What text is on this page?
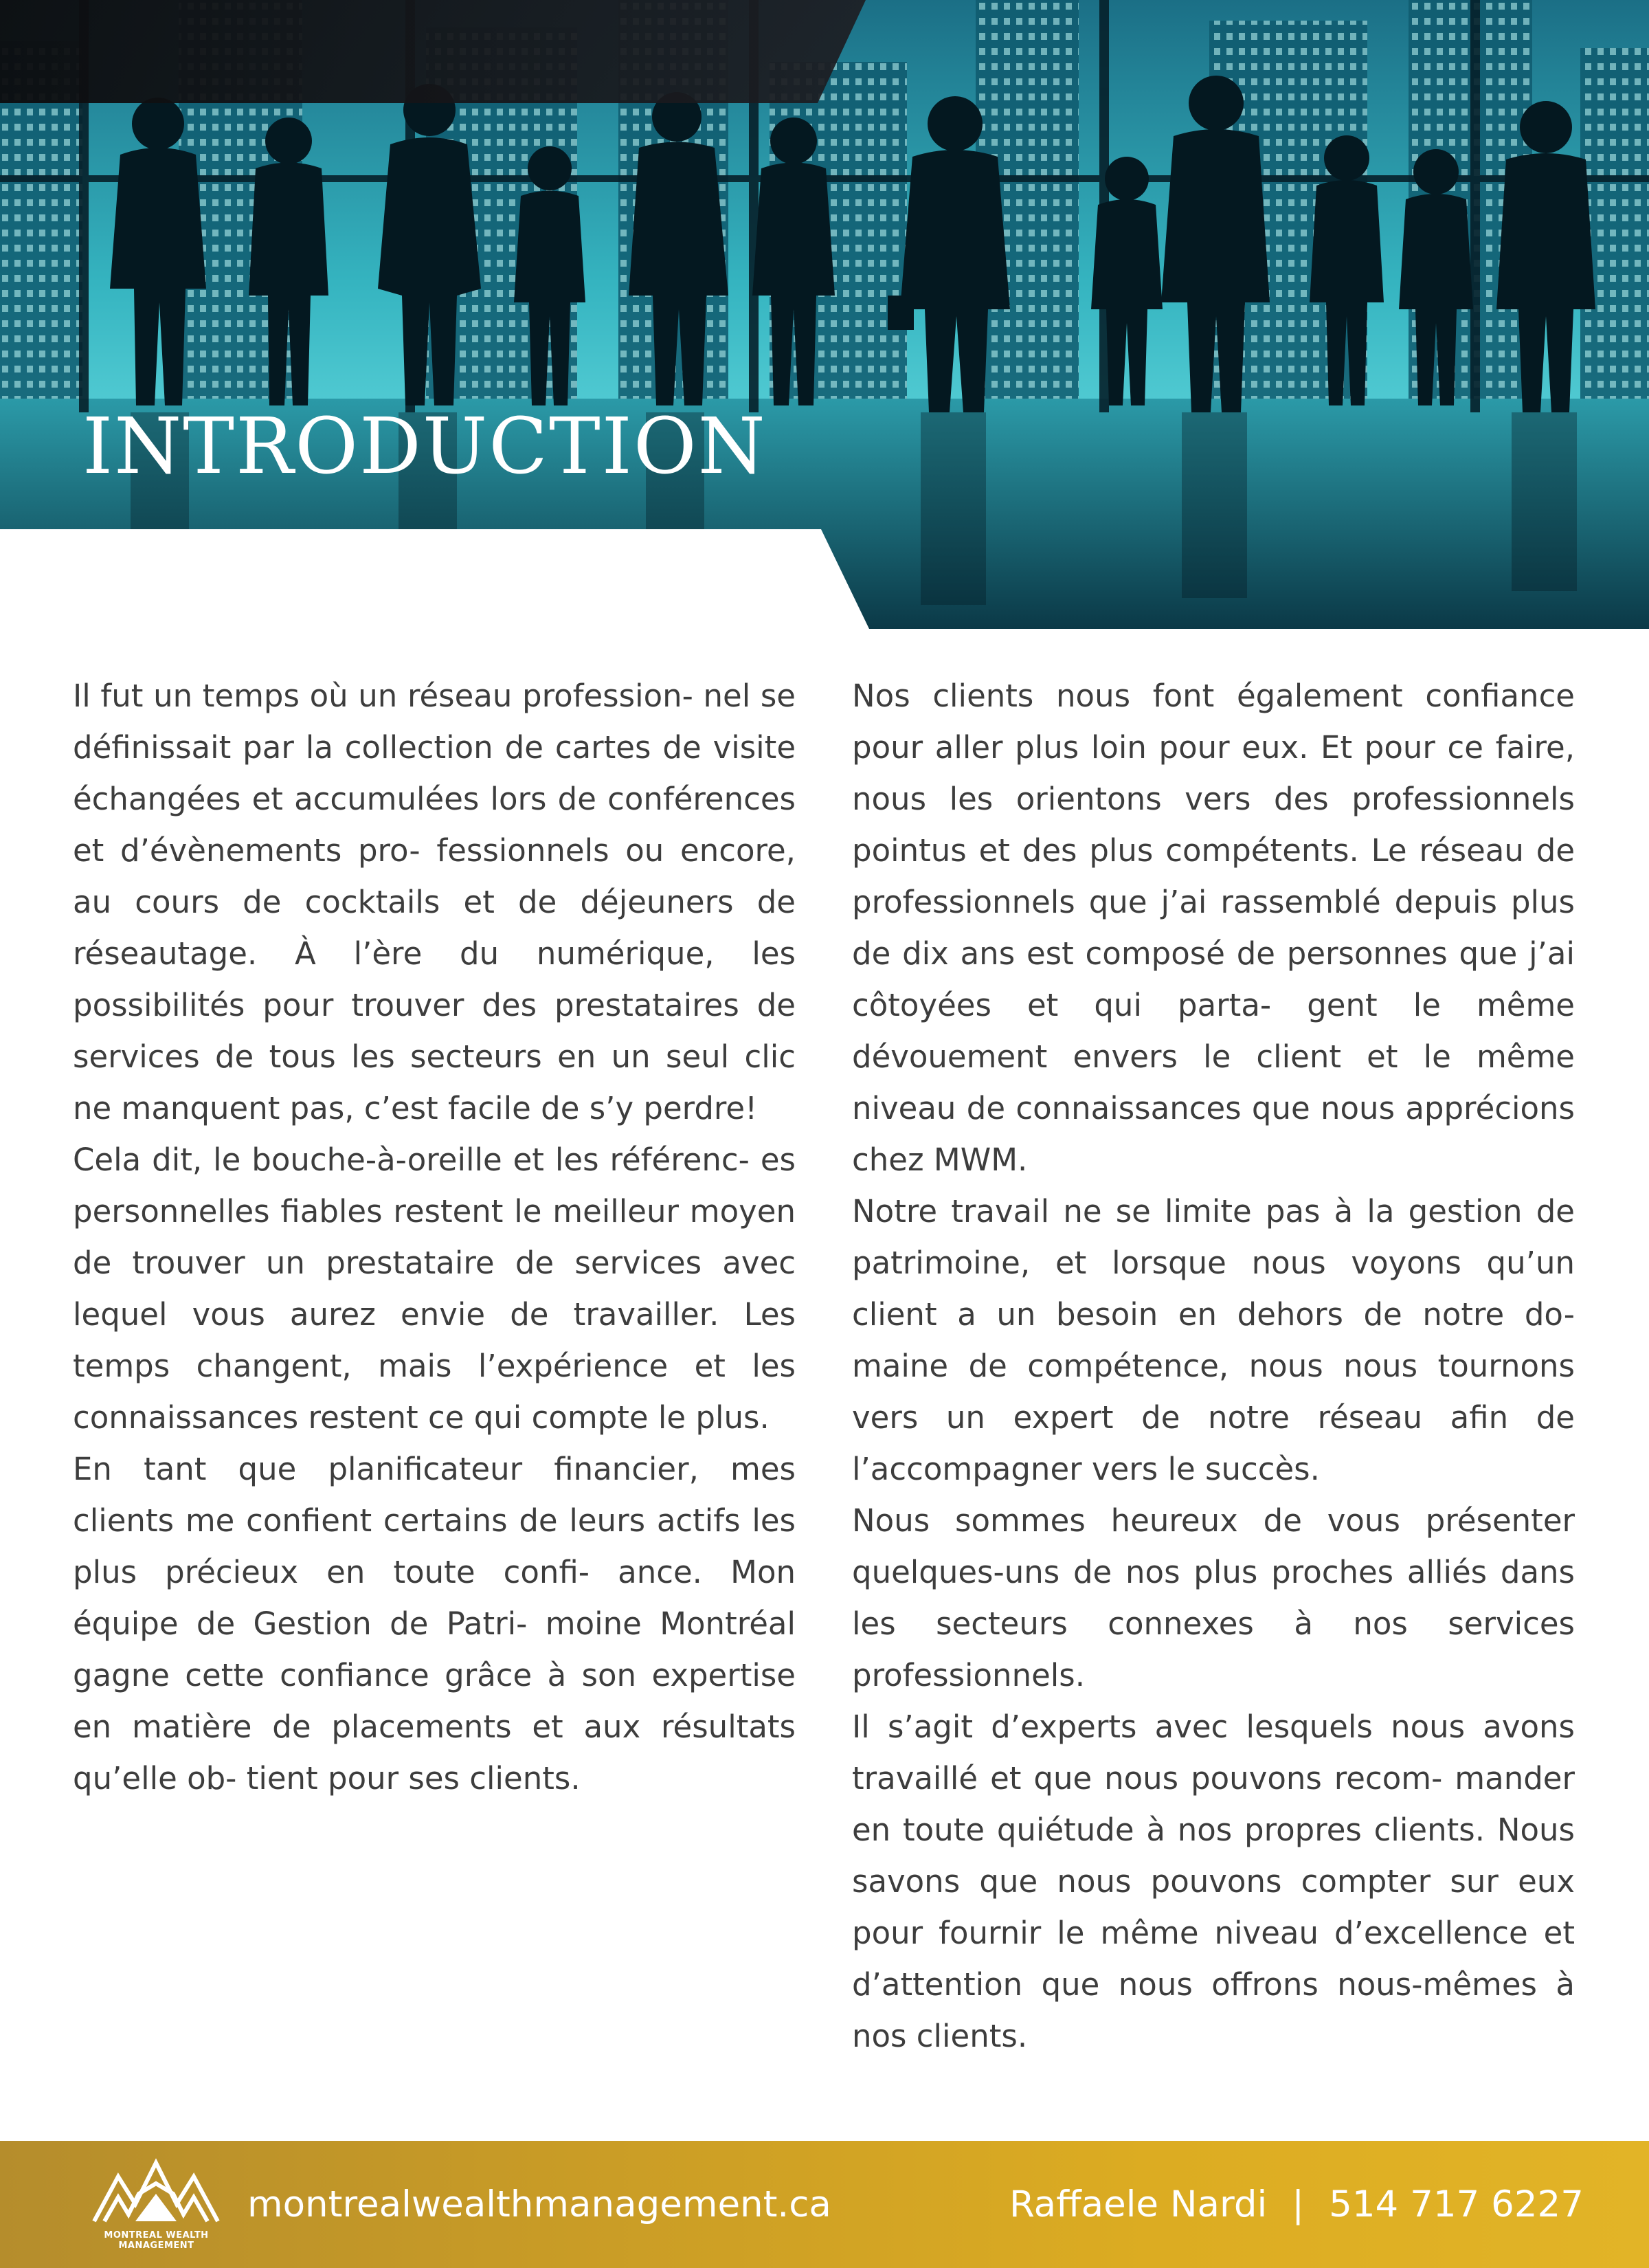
INTRODUCTION

Il fut un temps où un réseau profession- nel se définissait par la collection de cartes de visite échangées et accumulées lors de conférences et d’évènements pro- fessionnels ou encore, au cours de cocktails et de déjeuners de réseautage. À l’ère du numérique, les possibilités pour trouver des prestataires de services de tous les secteurs en un seul clic ne manquent pas, c’est facile de s’y perdre!

Cela dit, le bouche-à-oreille et les référenc- es personnelles fiables restent le meilleur moyen de trouver un prestataire de services avec lequel vous aurez envie de travailler. Les temps changent, mais l’expérience et les connaissances restent ce qui compte le plus.

En tant que planificateur financier, mes clients me confient certains de leurs actifs les plus précieux en toute confi- ance. Mon équipe de Gestion de Patri- moine Montréal gagne cette confiance grâce à son expertise en matière de placements et aux résultats qu’elle ob- tient pour ses clients.

Nos clients nous font également confiance pour aller plus loin pour eux. Et pour ce faire, nous les orientons vers des professionnels pointus et des plus compétents. Le réseau de professionnels que j’ai rassemblé depuis plus de dix ans est composé de personnes que j’ai côtoyées et qui parta- gent le même dévouement envers le client et le même niveau de connaissances que nous apprécions chez MWM.

Notre travail ne se limite pas à la gestion de patrimoine, et lorsque nous voyons qu’un client a un besoin en dehors de notre do- maine de compétence, nous nous tournons vers un expert de notre réseau afin de l’accompagner vers le succès.

Nous sommes heureux de vous présenter quelques-uns de nos plus proches alliés dans les secteurs connexes à nos services professionnels.

Il s’agit d’experts avec lesquels nous avons travaillé et que nous pouvons recom- mander en toute quiétude à nos propres clients. Nous savons que nous pouvons compter sur eux pour fournir le même niveau d’excellence et d’attention que nous offrons nous-mêmes à nos clients.

MONTREAL WEALTH
MANAGEMENT
montrealwealthmanagement.ca	Raffaele Nardi | 514 717 6227
